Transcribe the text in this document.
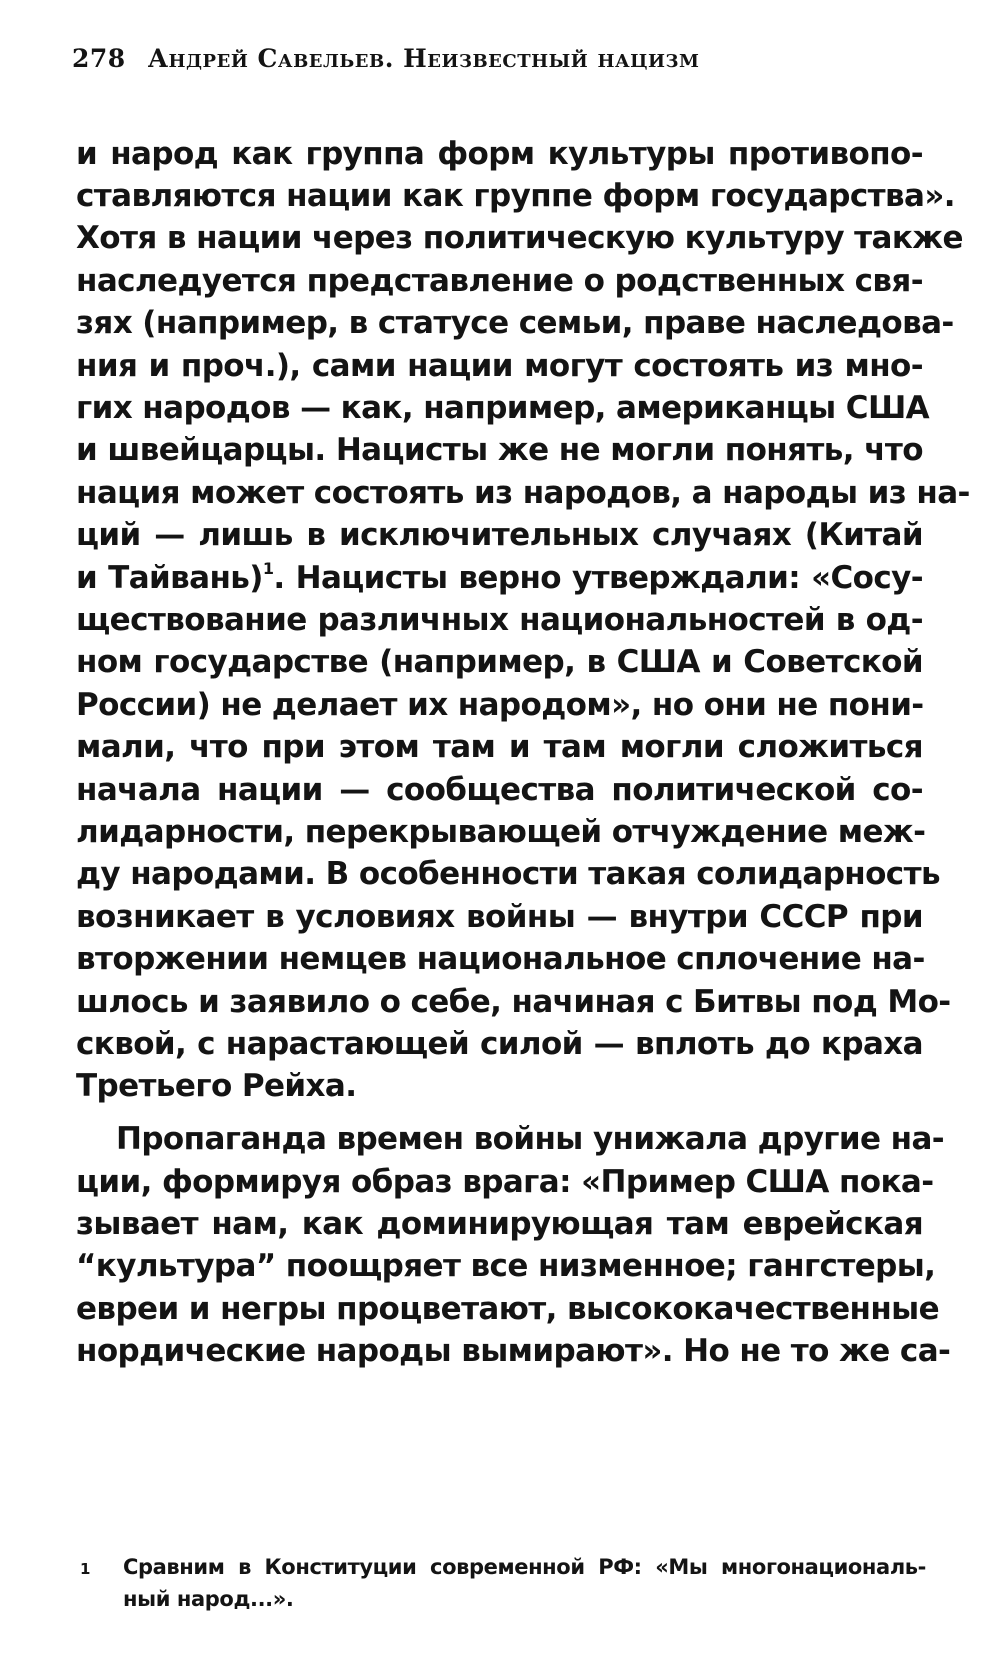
278 Андрей Савельев. Неизвестный нацизм
и народ как группа форм культуры противопо-
ставляются нации как группе форм государства».
Хотя в нации через политическую культуру также
наследуется представление о родственных свя-
зях (например, в статусе семьи, праве наследова-
ния и проч.), сами нации могут состоять из мно-
гих народов — как, например, американцы США
и швейцарцы. Нацисты же не могли понять, что
нация может состоять из народов, а народы из на-
ций — лишь в исключительных случаях (Китай
и Тайвань)$^1$. Нацисты верно утверждали: «Сосу-
ществование различных национальностей в од-
ном государстве (например, в США и Советской
России) не делает их народом», но они не пони-
мали, что при этом там и там могли сложиться
начала нации — сообщества политической со-
лидарности, перекрывающей отчуждение меж-
ду народами. В особенности такая солидарность
возникает в условиях войны — внутри СССР при
вторжении немцев национальное сплочение на-
шлось и заявило о себе, начиная с Битвы под Мо-
сквой, с нарастающей силой — вплоть до краха
Третьего Рейха.
Пропаганда времен войны унижала другие на-
ции, формируя образ врага: «Пример США пока-
зывает нам, как доминирующая там еврейская
“культура” поощряет все низменное; гангстеры,
евреи и негры процветают, высококачественные
нордические народы вымирают». Но не то же са-
1 Сравним в Конституции современной РФ: «Мы многонациональ-
ный народ...».
